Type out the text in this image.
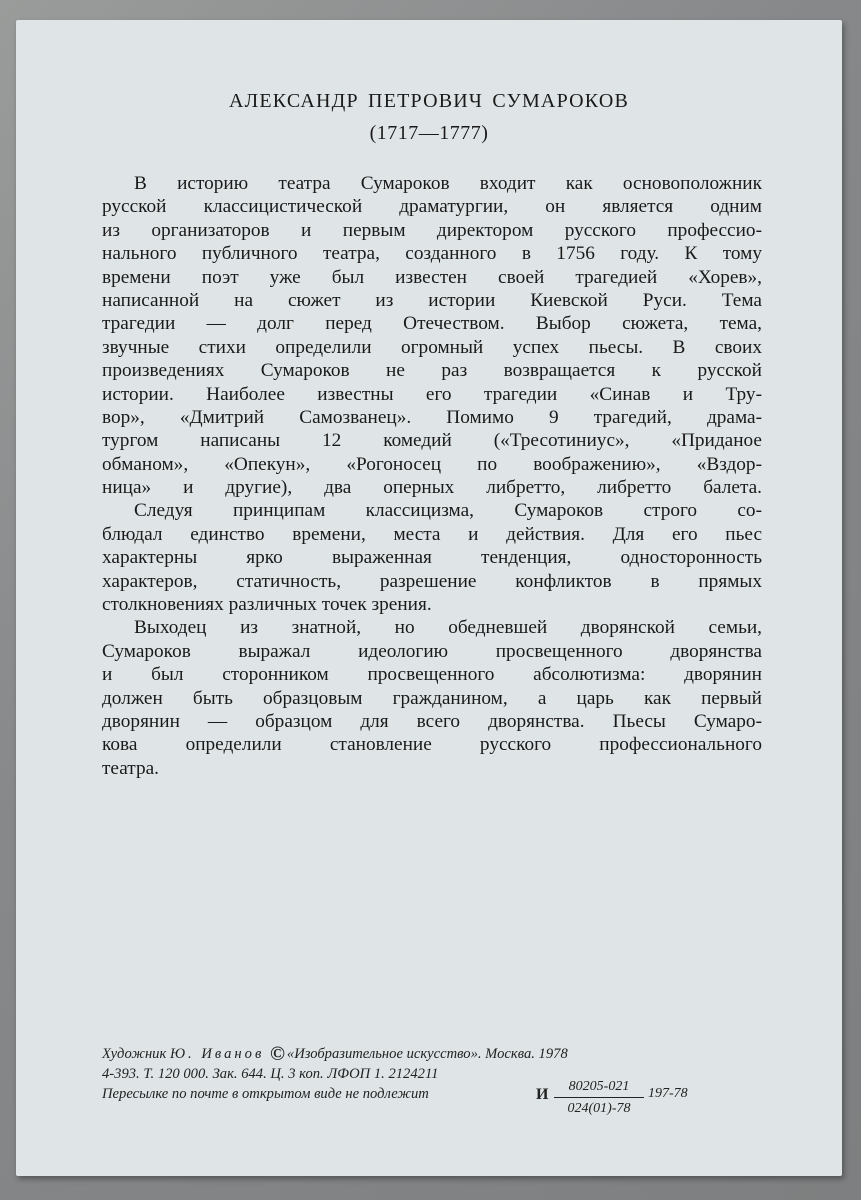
АЛЕКСАНДР ПЕТРОВИЧ СУМАРОКОВ
(1717—1777)
В историю театра Сумароков входит как основоположник
русской классицистической драматургии, он является одним
из организаторов и первым директором русского профессио-
нального публичного театра, созданного в 1756 году. К тому
времени поэт уже был известен своей трагедией «Хорев»,
написанной на сюжет из истории Киевской Руси. Тема
трагедии — долг перед Отечеством. Выбор сюжета, тема,
звучные стихи определили огромный успех пьесы. В своих
произведениях Сумароков не раз возвращается к русской
истории. Наиболее известны его трагедии «Синав и Тру-
вор», «Дмитрий Самозванец». Помимо 9 трагедий, драма-
тургом написаны 12 комедий («Тресотиниус», «Приданое
обманом», «Опекун», «Рогоносец по воображению», «Вздор-
ница» и другие), два оперных либретто, либретто балета.
Следуя принципам классицизма, Сумароков строго со-
блюдал единство времени, места и действия. Для его пьес
характерны ярко выраженная тенденция, односторонность
характеров, статичность, разрешение конфликтов в прямых
столкновениях различных точек зрения.
Выходец из знатной, но обедневшей дворянской семьи,
Сумароков выражал идеологию просвещенного дворянства
и был сторонником просвещенного абсолютизма: дворянин
должен быть образцовым гражданином, а царь как первый
дворянин — образцом для всего дворянства. Пьесы Сумаро-
кова определили становление русского профессионального
театра.
Художник Ю. Иванов © «Изобразительное искусство». Москва. 1978
4-393. Т. 120 000. Зак. 644. Ц. 3 коп. ЛФОП 1. 2124211
Пересылке по почте в открытом виде не подлежит	И $\frac{80205-021}{024(01)-78} 197-78$
